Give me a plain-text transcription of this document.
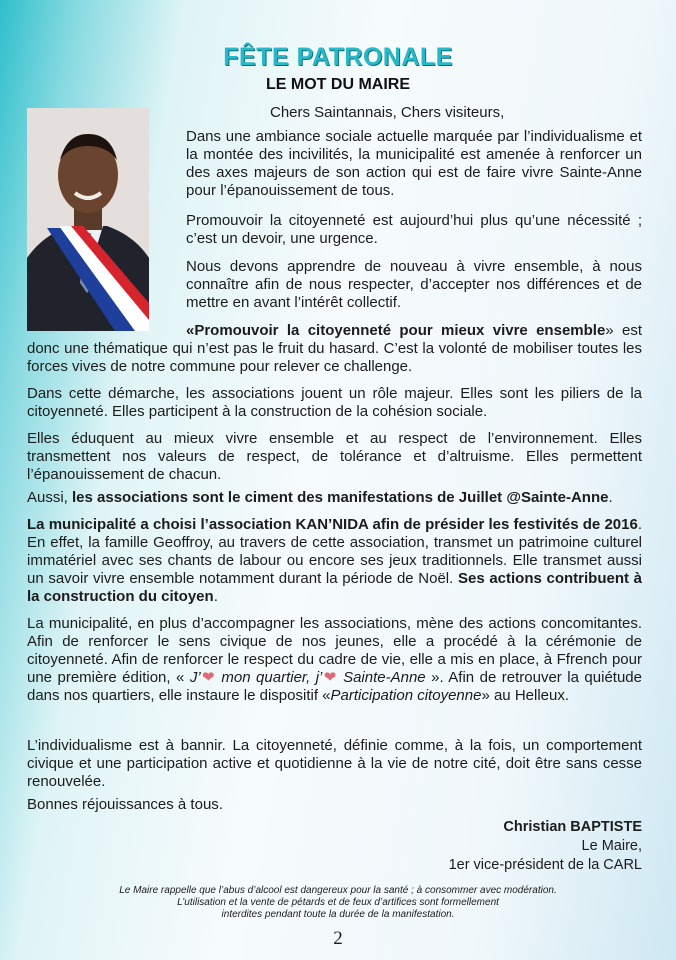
FÊTE PATRONALE
LE MOT DU MAIRE

Chers Saintannais, Chers visiteurs,

Dans une ambiance sociale actuelle marquée par l’individualisme et la montée des incivilités, la municipalité est amenée à renforcer un des axes majeurs de son action qui est de faire vivre Sainte-Anne pour l’épanouissement de tous.

Promouvoir la citoyenneté est aujourd’hui plus qu’une nécessité ; c’est un devoir, une urgence.

Nous devons apprendre de nouveau à vivre ensemble, à nous connaître afin de nous respecter, d’accepter nos différences et de mettre en avant l’intérêt collectif.

«Promouvoir la citoyenneté pour mieux vivre ensemble» est donc une thématique qui n’est pas le fruit du hasard. C’est la volonté de mobiliser toutes les forces vives de notre commune pour relever ce challenge.

Dans cette démarche, les associations jouent un rôle majeur. Elles sont les piliers de la citoyenneté. Elles participent à la construction de la cohésion sociale.

Elles éduquent au mieux vivre ensemble et au respect de l’environnement. Elles transmettent nos valeurs de respect, de tolérance et d’altruisme. Elles permettent l’épanouissement de chacun.

Aussi, les associations sont le ciment des manifestations de Juillet @Sainte-Anne.

La municipalité a choisi l’association KAN’NIDA afin de présider les festivités de 2016. En effet, la famille Geoffroy, au travers de cette association, transmet un patrimoine culturel immatériel avec ses chants de labour ou encore ses jeux traditionnels. Elle transmet aussi un savoir vivre ensemble notamment durant la période de Noël. Ses actions contribuent à la construction du citoyen.

La municipalité, en plus d’accompagner les associations, mène des actions concomitantes. Afin de renforcer le sens civique de nos jeunes, elle a procédé à la cérémonie de citoyenneté. Afin de renforcer le respect du cadre de vie, elle a mis en place, à Ffrench pour une première édition, « J’❤ mon quartier, j’❤ Sainte-Anne ». Afin de retrouver la quiétude dans nos quartiers, elle instaure le dispositif «Participation citoyenne» au Helleux.

L’individualisme est à bannir. La citoyenneté, définie comme, à la fois, un comportement civique et une participation active et quotidienne à la vie de notre cité, doit être sans cesse renouvelée.

Bonnes réjouissances à tous.

Christian BAPTISTE

Le Maire,

1er vice-président de la CARL

Le Maire rappelle que l’abus d’alcool est dangereux pour la santé ; à consommer avec modération.

L’utilisation et la vente de pétards et de feux d’artifices sont formellement

interdites pendant toute la durée de la manifestation.

2
